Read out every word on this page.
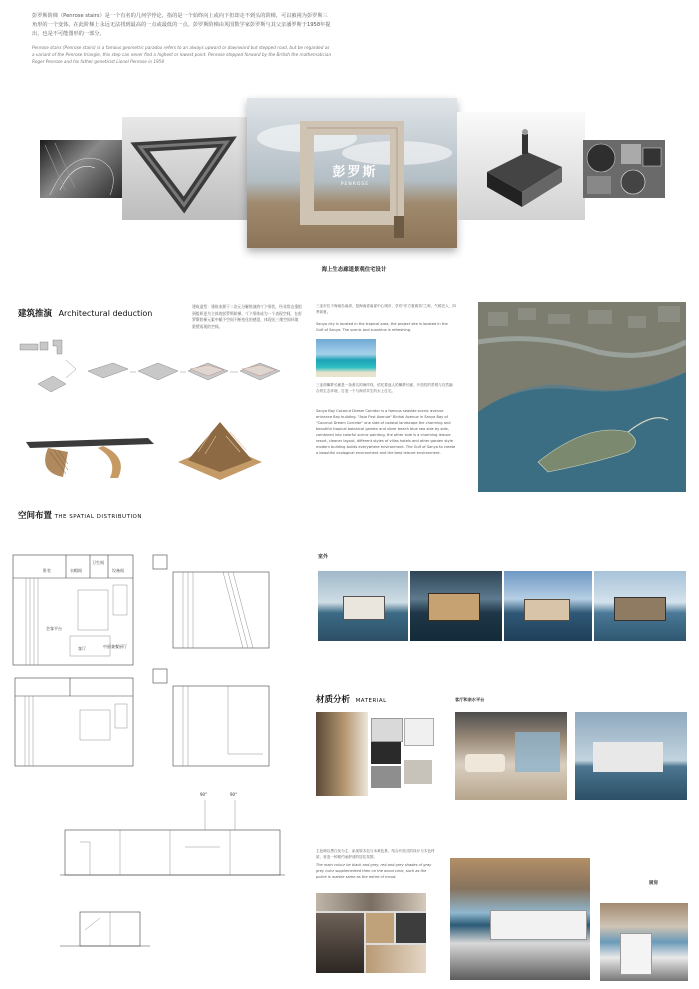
彭罗斯阶梯（Penrose stairs）是一个有名的几何学悖论，指的是一个始终向上或向下但却走不到头的阶梯，可以被视为彭罗斯三角形的一个变体。在此阶梯上永远无法找到最高的一点或最低的一点。彭罗斯阶梯由英国数学家彭罗斯与其父亲潘罗斯于1958年提出，也是不可能图形的一部分。
Penrose stairs (Penrose stairs) is a famous geometric paradox refers to an always upward or downward but stepped road, but be regarded as a variant of the Penrose triangle, this step can never find a highest or lowest point. Penrose stepped forward by the British the mathematician Roger Penrose and his father geneticist Lionel Penrose in 1958
彭罗斯
PENROSE
海上生态廊道景观住宅设计
建筑推演 Architectural deduction
建筑造型：建筑来源于二次元分解推演的"门"形状，经非常态重组到组织更为立体的彭罗斯阶梯，"门"形体成为一个表现空间，在彭罗斯阶梯元素中赋予空间不断变化的感觉，体现出三维空间环境重塑再现的空间。
三亚市位于海南岛南部，是海南省南部中心城市，享有"东方夏威夷"之称，气候宜人，四季如夏。
Sanya city is located in the tropical area, the project site is located in the Gulf of Sanya. The scenic and sunshine is refreshing.
三亚湾椰梦长廊是一条著名的海岸线，依托着迷人的椰梦长廊，开放性的景观与自然融合的生态环境，打造一个与海洋共生的水上住宅。
Sanya Bay Coconut Dream Corridor is a famous seaside scenic avenue entrance Bay building. "Asia First Avenue" Binhai Avenue in Sanya Bay of "Coconut Dream Corridor" one side of coastal landscape the charming and beautiful tropical botanical garden and silver beach blue sea side by side, combined into colorful scenic painting, the other side is a charming leisure resort, cleaner layout, different styles of villas hotels and other garden style modern building builds everywhere environment. The Gulf of Sanya to create a beautiful ecological environment and the best leisure environment.
空间布置 THE SPATIAL DISTRIBUTION
卧室	衣帽间
卫生间
设备间
会客平台
客厅	中厨兼餐厨厅
90°	90°
室外
材质分析 MATERIAL	客厅和亲水平台
主色调以黑白灰为主，添加原木色与米黄色系，结合开放式的设计与木色材质，营造一种简约而舒适的居住氛围。
The main colour be black and grey, red and grey shades of gray grey color supplemented then on the wood color, such as the police is marble same as the entire of mood.
厨房
